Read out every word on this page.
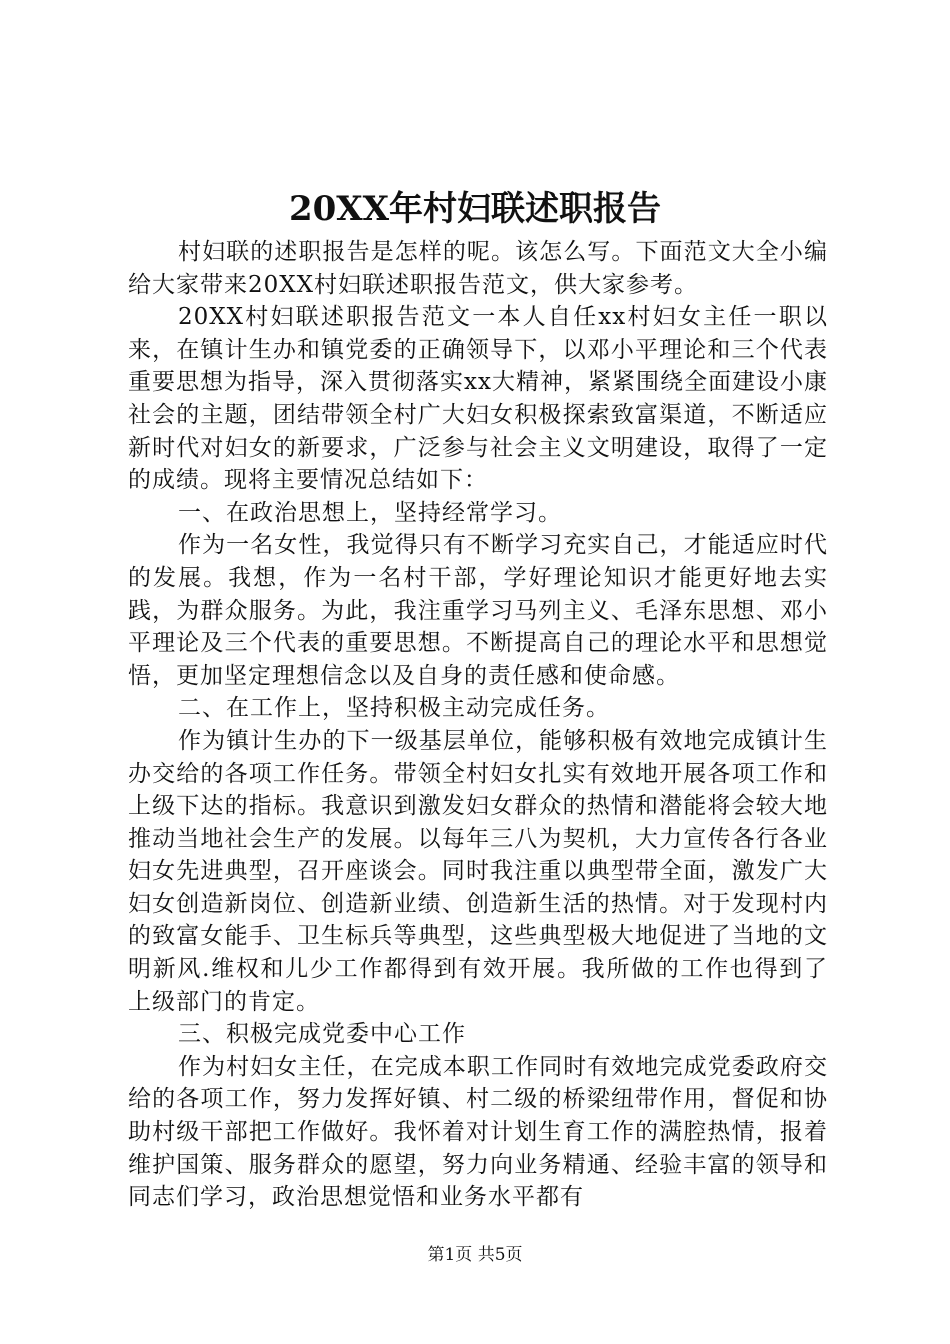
20XX年村妇联述职报告

村妇联的述职报告是怎样的呢。该怎么写。下面范文大全小编给大家带来20XX村妇联述职报告范文，供大家参考。

20XX村妇联述职报告范文一本人自任xx村妇女主任一职以来，在镇计生办和镇党委的正确领导下，以邓小平理论和三个代表重要思想为指导，深入贯彻落实xx大精神，紧紧围绕全面建设小康社会的主题，团结带领全村广大妇女积极探索致富渠道，不断适应新时代对妇女的新要求，广泛参与社会主义文明建设，取得了一定的成绩。现将主要情况总结如下：

一、在政治思想上，坚持经常学习。

作为一名女性，我觉得只有不断学习充实自己，才能适应时代的发展。我想，作为一名村干部，学好理论知识才能更好地去实践，为群众服务。为此，我注重学习马列主义、毛泽东思想、邓小平理论及三个代表的重要思想。不断提高自己的理论水平和思想觉悟，更加坚定理想信念以及自身的责任感和使命感。

二、在工作上，坚持积极主动完成任务。

作为镇计生办的下一级基层单位，能够积极有效地完成镇计生办交给的各项工作任务。带领全村妇女扎实有效地开展各项工作和上级下达的指标。我意识到激发妇女群众的热情和潜能将会较大地推动当地社会生产的发展。以每年三八为契机，大力宣传各行各业妇女先进典型，召开座谈会。同时我注重以典型带全面，激发广大妇女创造新岗位、创造新业绩、创造新生活的热情。对于发现村内的致富女能手、卫生标兵等典型，这些典型极大地促进了当地的文明新风.维权和儿少工作都得到有效开展。我所做的工作也得到了上级部门的肯定。

三、积极完成党委中心工作

作为村妇女主任，在完成本职工作同时有效地完成党委政府交给的各项工作，努力发挥好镇、村二级的桥梁纽带作用，督促和协助村级干部把工作做好。我怀着对计划生育工作的满腔热情，报着维护国策、服务群众的愿望，努力向业务精通、经验丰富的领导和同志们学习，政治思想觉悟和业务水平都有

第1页 共5页
